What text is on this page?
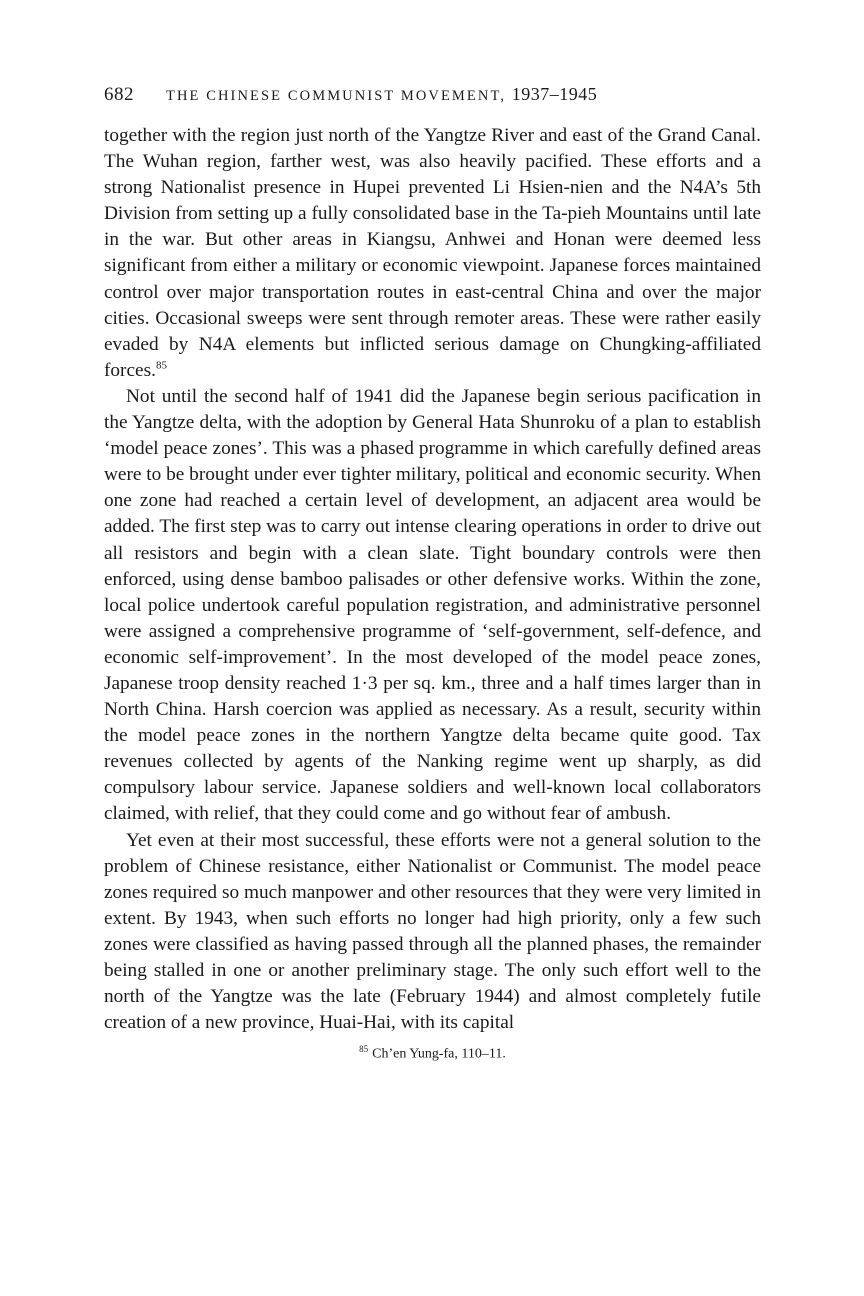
682	THE CHINESE COMMUNIST MOVEMENT, 1937–1945

together with the region just north of the Yangtze River and east of the Grand Canal. The Wuhan region, farther west, was also heavily pacified. These efforts and a strong Nationalist presence in Hupei prevented Li Hsien-nien and the N4A’s 5th Division from setting up a fully consolidated base in the Ta-pieh Mountains until late in the war. But other areas in Kiangsu, Anhwei and Honan were deemed less significant from either a military or economic viewpoint. Japanese forces maintained control over major transportation routes in east-central China and over the major cities. Occasional sweeps were sent through remoter areas. These were rather easily evaded by N4A elements but inflicted serious damage on Chungking-affiliated forces.$^{85}$

Not until the second half of 1941 did the Japanese begin serious pacification in the Yangtze delta, with the adoption by General Hata Shunroku of a plan to establish ‘model peace zones’. This was a phased programme in which carefully defined areas were to be brought under ever tighter military, political and economic security. When one zone had reached a certain level of development, an adjacent area would be added. The first step was to carry out intense clearing operations in order to drive out all resistors and begin with a clean slate. Tight boundary controls were then enforced, using dense bamboo palisades or other defensive works. Within the zone, local police undertook careful population registration, and administrative personnel were assigned a comprehensive programme of ‘self-government, self-defence, and economic self-improvement’. In the most developed of the model peace zones, Japanese troop density reached 1·3 per sq. km., three and a half times larger than in North China. Harsh coercion was applied as necessary. As a result, security within the model peace zones in the northern Yangtze delta became quite good. Tax revenues collected by agents of the Nanking regime went up sharply, as did compulsory labour service. Japanese soldiers and well-known local collaborators claimed, with relief, that they could come and go without fear of ambush.

Yet even at their most successful, these efforts were not a general solution to the problem of Chinese resistance, either Nationalist or Communist. The model peace zones required so much manpower and other resources that they were very limited in extent. By 1943, when such efforts no longer had high priority, only a few such zones were classified as having passed through all the planned phases, the remainder being stalled in one or another preliminary stage. The only such effort well to the north of the Yangtze was the late (February 1944) and almost completely futile creation of a new province, Huai-Hai, with its capital

$^{85}$ Ch’en Yung-fa, 110–11.
